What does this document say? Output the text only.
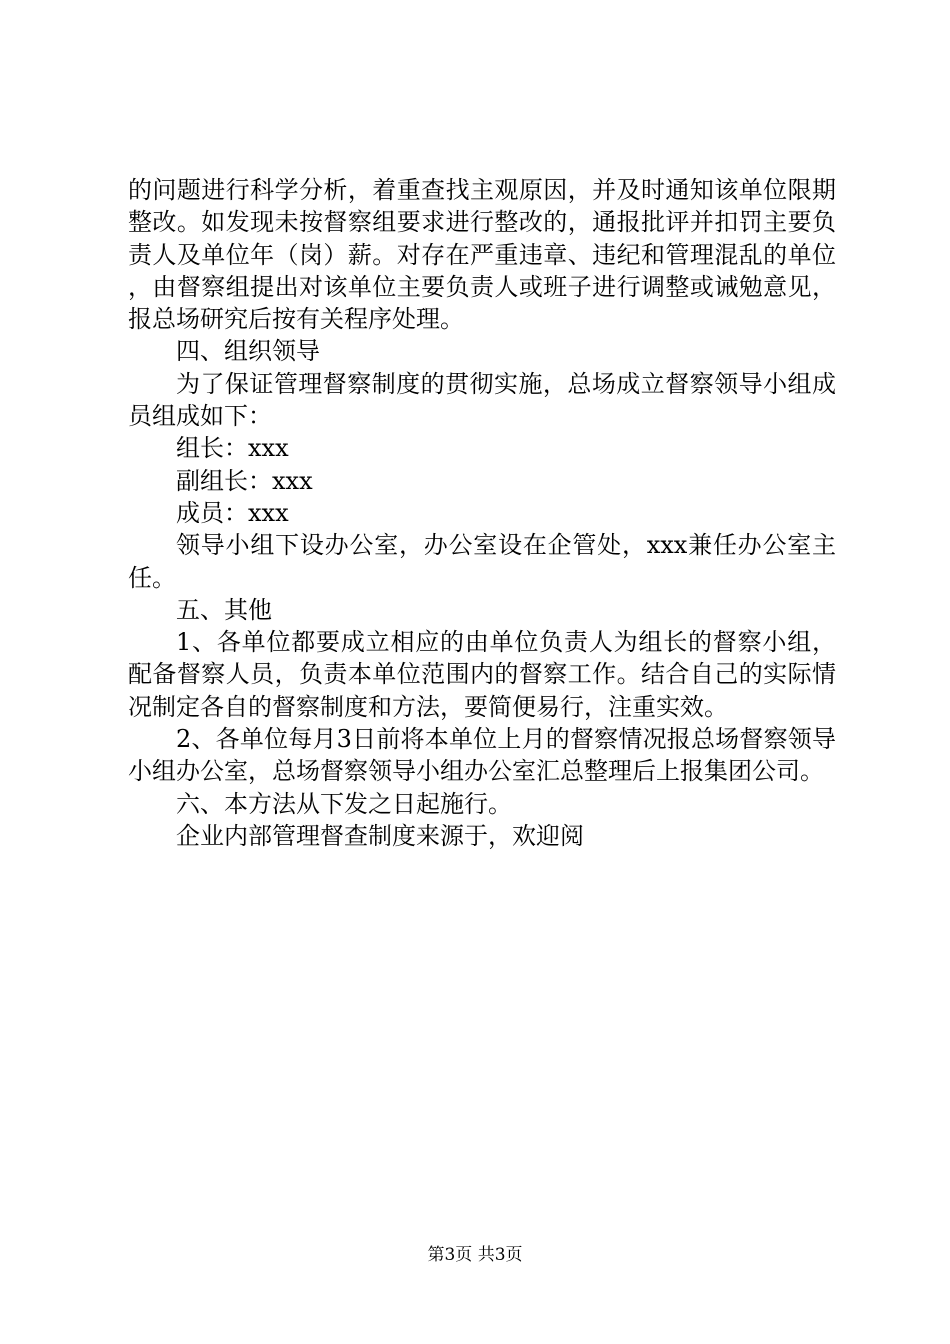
的问题进行科学分析，着重查找主观原因，并及时通知该单位限期整改。如发现未按督察组要求进行整改的，通报批评并扣罚主要负责人及单位年（岗）薪。对存在严重违章、违纪和管理混乱的单位，由督察组提出对该单位主要负责人或班子进行调整或诫勉意见，报总场研究后按有关程序处理。

四、组织领导

为了保证管理督察制度的贯彻实施，总场成立督察领导小组成员组成如下：

组长：xxx

副组长：xxx

成员：xxx

领导小组下设办公室，办公室设在企管处，xxx兼任办公室主任。

五、其他

1、各单位都要成立相应的由单位负责人为组长的督察小组，配备督察人员，负责本单位范围内的督察工作。结合自己的实际情况制定各自的督察制度和方法，要简便易行，注重实效。

2、各单位每月3日前将本单位上月的督察情况报总场督察领导小组办公室，总场督察领导小组办公室汇总整理后上报集团公司。

六、本方法从下发之日起施行。

企业内部管理督查制度来源于，欢迎阅

第3页 共3页
